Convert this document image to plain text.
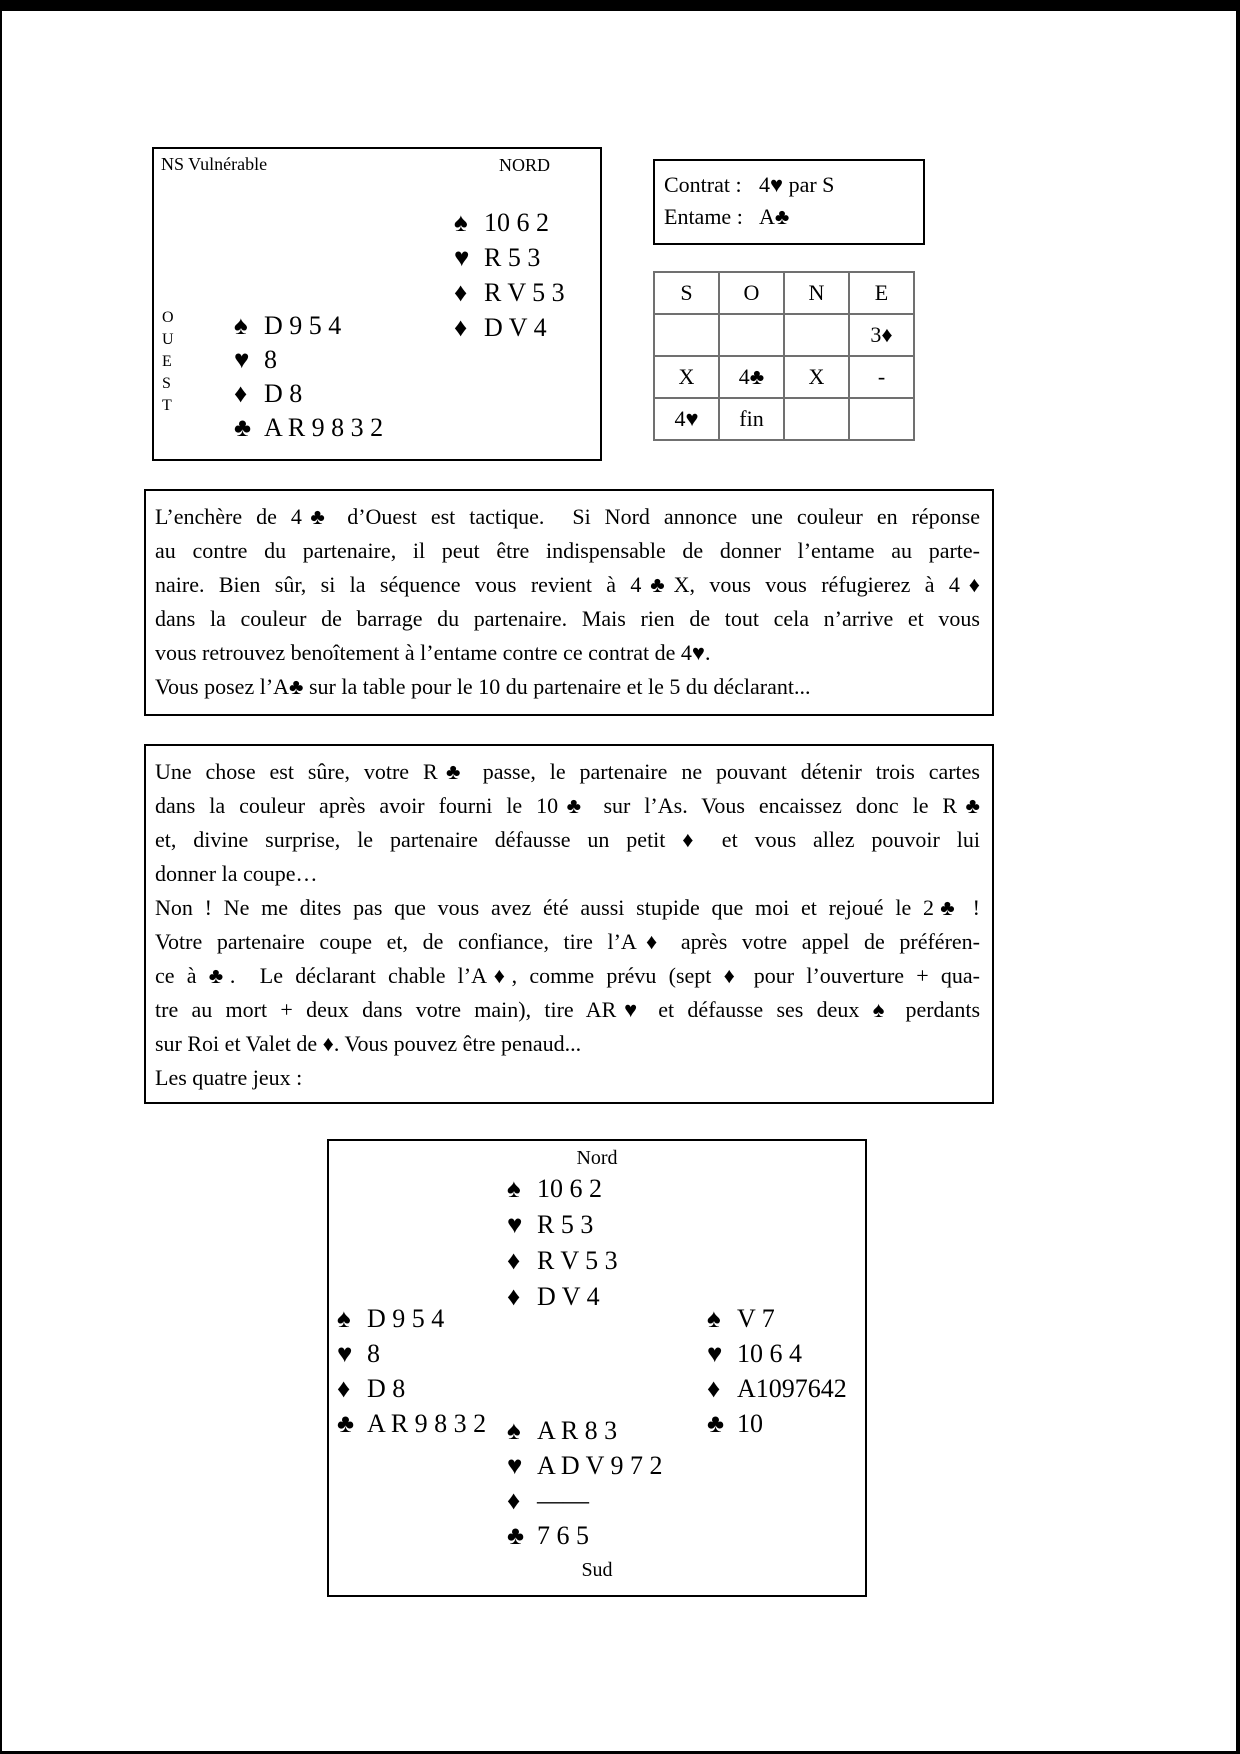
NS Vulnérable	NORD
♠ 10 6 2
♥ R 5 3
♦ R V 5 3
♦ D V 4
O
U
E
S
T
♠ D 9 5 4
♥ 8
♦ D 8
♣ A R 9 8 3 2
Contrat : 4♥ par S
Entame : A♣
S	O	N	E
			3♦
X	4♣	X	-
4♥	fin		
L’enchère de 4♣ d’Ouest est tactique.  Si Nord annonce une couleur en réponse
au contre du partenaire, il peut être indispensable de donner l’entame au parte-
naire. Bien sûr, si la séquence vous revient à 4♣X, vous vous réfugierez à 4♦
dans la couleur de barrage du partenaire. Mais rien de tout cela n’arrive et vous
vous retrouvez benoîtement à l’entame contre ce contrat de 4♥.
Vous posez l’A♣ sur la table pour le 10 du partenaire et le 5 du déclarant...
Une chose est sûre, votre R♣ passe, le partenaire ne pouvant détenir trois cartes
dans la couleur après avoir fourni le 10♣ sur l’As. Vous encaissez donc le R♣
et, divine surprise, le partenaire défausse un petit ♦ et vous allez pouvoir lui
donner la coupe…
Non ! Ne me dites pas que vous avez été aussi stupide que moi et rejoué le 2♣ !
Votre partenaire coupe et, de confiance, tire l’A♦ après votre appel de préféren-
ce à ♣.  Le déclarant chable l’A♦, comme prévu (sept ♦ pour l’ouverture + qua-
tre au mort + deux dans votre main), tire AR♥ et défausse ses deux ♠ perdants
sur Roi et Valet de ♦. Vous pouvez être penaud...
Les quatre jeux :
Nord
♠ 10 6 2
♥ R 5 3
♦ R V 5 3
♦ D V 4
♠ D 9 5 4
♥ 8
♦ D 8
♣ A R 9 8 3 2
♠ V 7
♥ 10 6 4
♦ A1097642
♣ 10
♠ A R 8 3
♥ A D V 9 7 2
♦ ——
♣ 7 6 5
Sud
